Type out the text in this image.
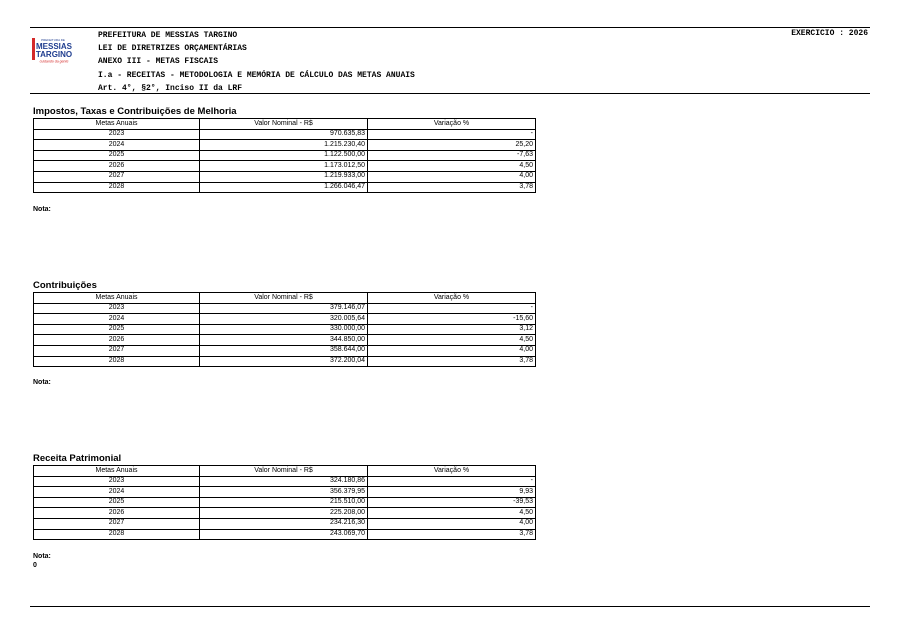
PREFEITURA DE
MESSIAS
TARGINO
cuidando da gente
PREFEITURA DE MESSIAS TARGINO
LEI DE DIRETRIZES ORÇAMENTÁRIAS
ANEXO III - METAS FISCAIS
I.a - RECEITAS - METODOLOGIA E MEMÓRIA DE CÁLCULO DAS METAS ANUAIS
Art. 4°, §2°, Inciso II da LRF
EXERCICIO : 2026
Impostos, Taxas e Contribuições de Melhoria
Metas Anuais	Valor Nominal - R$	Variação %
2023	970.635,83	-
2024	1.215.230,40	25,20
2025	1.122.500,00	-7,63
2026	1.173.012,50	4,50
2027	1.219.933,00	4,00
2028	1.266.046,47	3,78
Nota:
Contribuições
Metas Anuais	Valor Nominal - R$	Variação %
2023	379.146,07	-
2024	320.005,64	-15,60
2025	330.000,00	3,12
2026	344.850,00	4,50
2027	358.644,00	4,00
2028	372.200,04	3,78
Nota:
Receita Patrimonial
Metas Anuais	Valor Nominal - R$	Variação %
2023	324.180,86	-
2024	356.379,95	9,93
2025	215.510,00	-39,53
2026	225.208,00	4,50
2027	234.216,30	4,00
2028	243.069,70	3,78
Nota:
0
